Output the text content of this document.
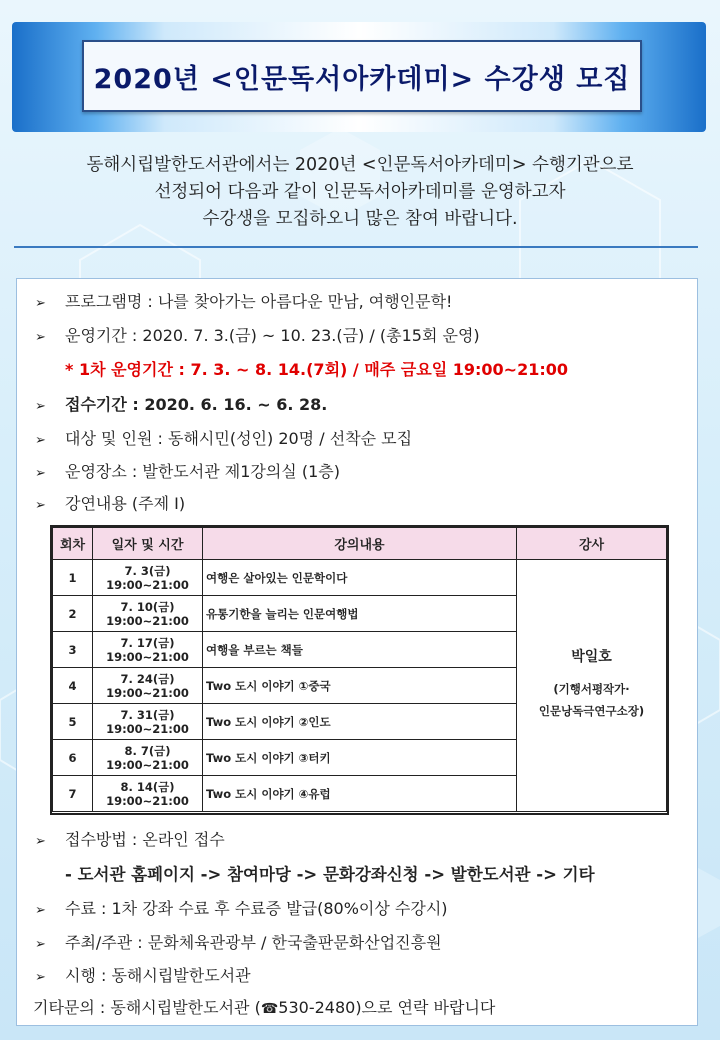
2020년 <인문독서아카데미> 수강생 모집
동해시립발한도서관에서는 2020년 <인문독서아카데미> 수행기관으로
선정되어 다음과 같이 인문독서아카데미를 운영하고자
수강생을 모집하오니 많은 참여 바랍니다.
➢ 프로그램명 : 나를 찾아가는 아름다운 만남, 여행인문학!
➢ 운영기간 : 2020. 7. 3.(금) ~ 10. 23.(금) / (총15회 운영)
* 1차 운영기간 : 7. 3. ~ 8. 14.(7회) / 매주 금요일 19:00~21:00
➢ 접수기간 : 2020. 6. 16. ~ 6. 28.
➢ 대상 및 인원 : 동해시민(성인) 20명 / 선착순 모집
➢ 운영장소 : 발한도서관 제1강의실 (1층)
➢ 강연내용 (주제 Ⅰ)
회차	일자 및 시간	강의내용	강사
1	7. 3(금)
19:00~21:00	여행은 살아있는 인문학이다	박일호
(기행서평작가·
인문낭독극연구소장)

2	7. 10(금)
19:00~21:00	유통기한을 늘리는 인문여행법	
3	7. 17(금)
19:00~21:00	여행을 부르는 책들	
4	7. 24(금)
19:00~21:00	Two 도시 이야기 ①중국	
5	7. 31(금)
19:00~21:00	Two 도시 이야기 ②인도	
6	8. 7(금)
19:00~21:00	Two 도시 이야기 ③터키	
7	8. 14(금)
19:00~21:00	Two 도시 이야기 ④유럽	
➢ 접수방법 : 온라인 접수
- 도서관 홈페이지 -> 참여마당 -> 문화강좌신청 -> 발한도서관 -> 기타
➢ 수료 : 1차 강좌 수료 후 수료증 발급(80%이상 수강시)
➢ 주최/주관 : 문화체육관광부 / 한국출판문화산업진흥원
➢ 시행 : 동해시립발한도서관
기타문의 : 동해시립발한도서관 (☎530-2480)으로 연락 바랍니다
